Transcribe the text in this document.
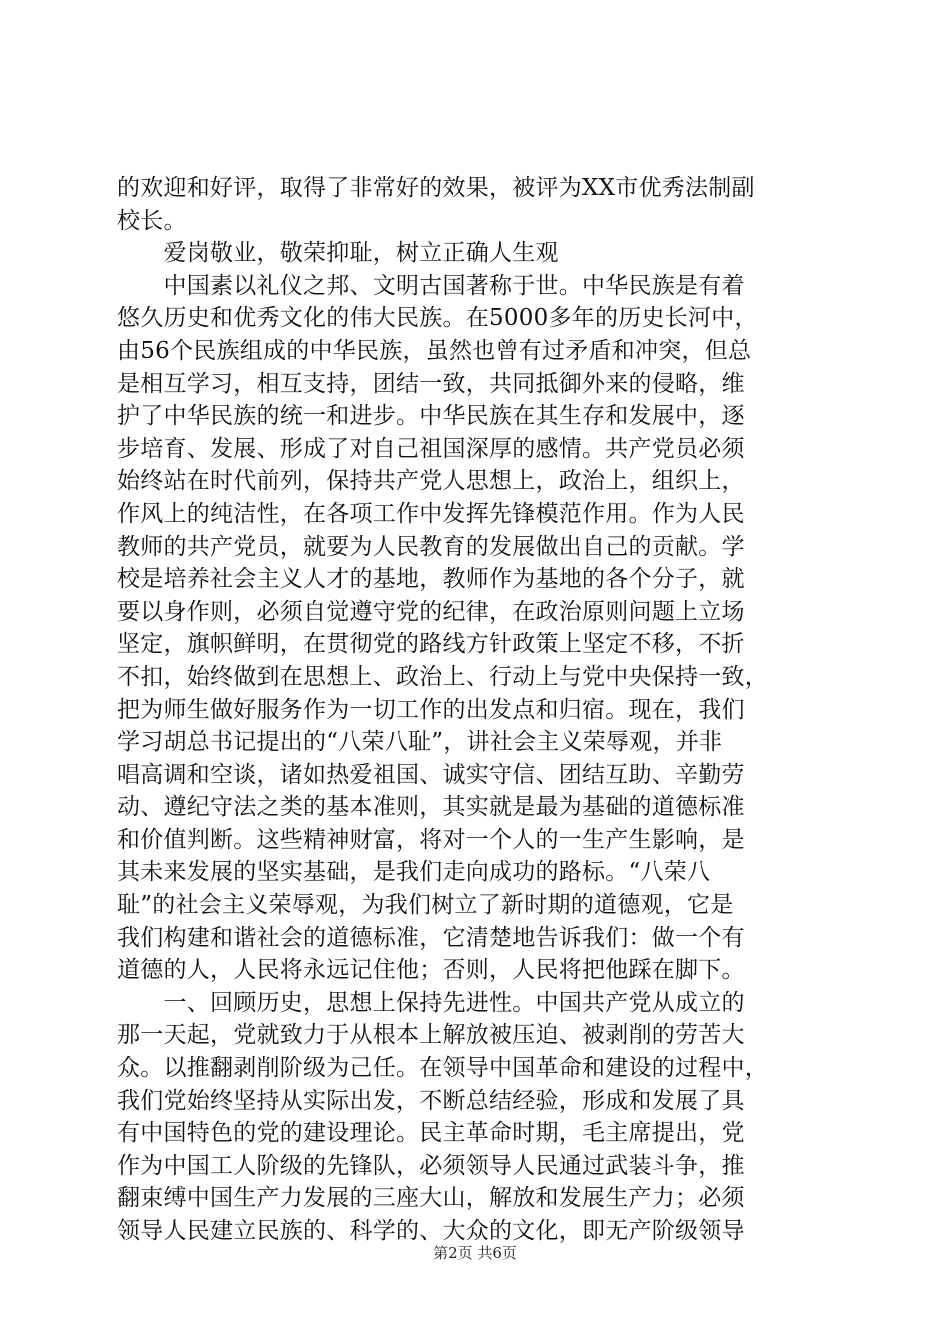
的欢迎和好评，取得了非常好的效果，被评为XX市优秀法制副
校长。
　　爱岗敬业，敬荣抑耻，树立正确人生观
　　中国素以礼仪之邦、文明古国著称于世。中华民族是有着
悠久历史和优秀文化的伟大民族。在5000多年的历史长河中，
由56个民族组成的中华民族，虽然也曾有过矛盾和冲突，但总
是相互学习，相互支持，团结一致，共同抵御外来的侵略，维
护了中华民族的统一和进步。中华民族在其生存和发展中，逐
步培育、发展、形成了对自己祖国深厚的感情。共产党员必须
始终站在时代前列，保持共产党人思想上，政治上，组织上，
作风上的纯洁性，在各项工作中发挥先锋模范作用。作为人民
教师的共产党员，就要为人民教育的发展做出自己的贡献。学
校是培养社会主义人才的基地，教师作为基地的各个分子，就
要以身作则，必须自觉遵守党的纪律，在政治原则问题上立场
坚定，旗帜鲜明，在贯彻党的路线方针政策上坚定不移，不折
不扣，始终做到在思想上、政治上、行动上与党中央保持一致，
把为师生做好服务作为一切工作的出发点和归宿。现在，我们
学习胡总书记提出的“八荣八耻”，讲社会主义荣辱观，并非
唱高调和空谈，诸如热爱祖国、诚实守信、团结互助、辛勤劳
动、遵纪守法之类的基本准则，其实就是最为基础的道德标准
和价值判断。这些精神财富，将对一个人的一生产生影响，是
其未来发展的坚实基础，是我们走向成功的路标。“八荣八
耻”的社会主义荣辱观，为我们树立了新时期的道德观，它是
我们构建和谐社会的道德标准，它清楚地告诉我们：做一个有
道德的人，人民将永远记住他；否则，人民将把他踩在脚下。
　　一、回顾历史，思想上保持先进性。中国共产党从成立的
那一天起，党就致力于从根本上解放被压迫、被剥削的劳苦大
众。以推翻剥削阶级为己任。在领导中国革命和建设的过程中，
我们党始终坚持从实际出发，不断总结经验，形成和发展了具
有中国特色的党的建设理论。民主革命时期，毛主席提出，党
作为中国工人阶级的先锋队，必须领导人民通过武装斗争，推
翻束缚中国生产力发展的三座大山，解放和发展生产力；必须
领导人民建立民族的、科学的、大众的文化，即无产阶级领导
第2页 共6页
